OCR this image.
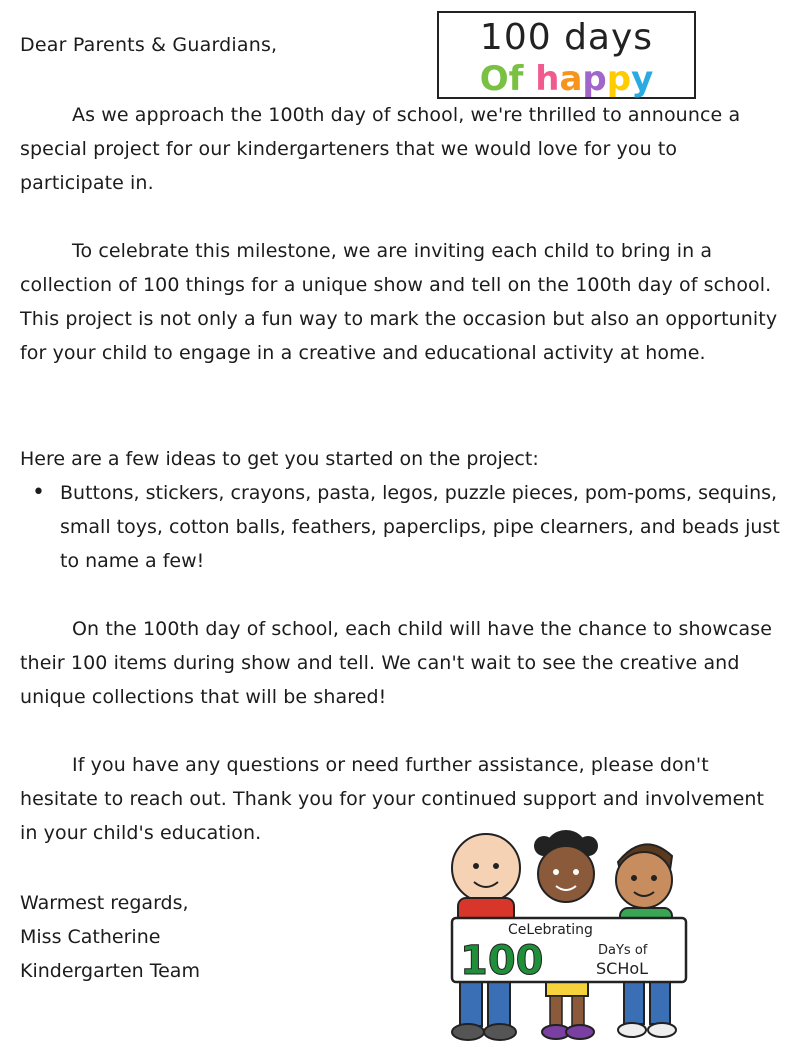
Dear Parents & Guardians,	100 days
Of happy
As we approach the 100th day of school, we're thrilled to announce a special project for our kindergarteners that we would love for you to participate in.
To celebrate this milestone, we are inviting each child to bring in a collection of 100 things for a unique show and tell on the 100th day of school. This project is not only a fun way to mark the occasion but also an opportunity for your child to engage in a creative and educational activity at home.
Here are a few ideas to get you started on the project:
• Buttons, stickers, crayons, pasta, legos, puzzle pieces, pom-poms, sequins, small toys, cotton balls, feathers, paperclips, pipe clearners, and beads just to name a few!
On the 100th day of school, each child will have the chance to showcase their 100 items during show and tell. We can't wait to see the creative and unique collections that will be shared!
If you have any questions or need further assistance, please don't hesitate to reach out. Thank you for your continued support and involvement in your child's education.
Warmest regards,
Miss Catherine
Kindergarten Team
CeLebrating
100	DaYs of
SCHoL
